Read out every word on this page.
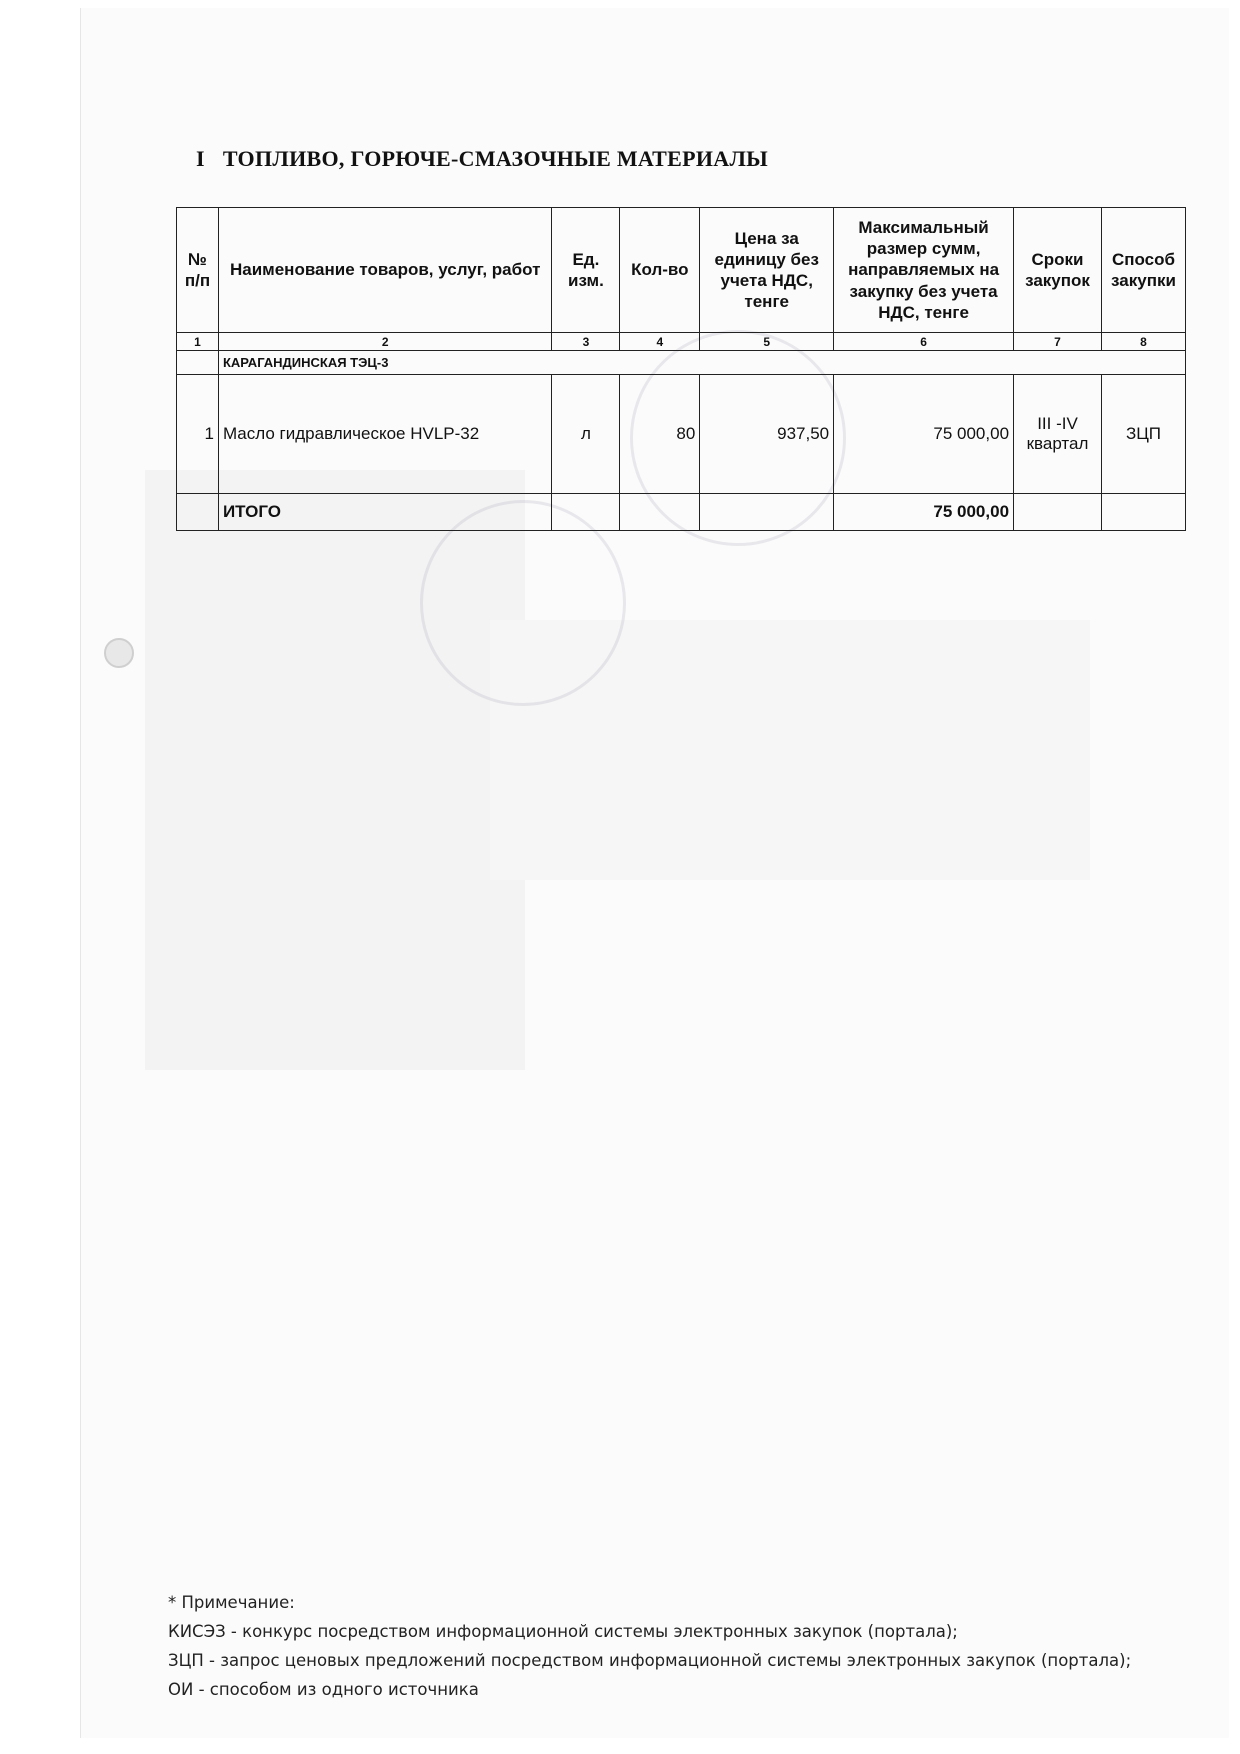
I ТОПЛИВО, ГОРЮЧЕ-СМАЗОЧНЫЕ МАТЕРИАЛЫ
№ п/п	Наименование товаров, услуг, работ	Ед. изм.	Кол-во	Цена за единицу без учета НДС, тенге	Максимальный размер сумм, направляемых на закупку без учета НДС, тенге	Сроки закупок	Способ закупки
1	2	3	4	5	6	7	8
	КАРАГАНДИНСКАЯ ТЭЦ-3						
1	Масло гидравлическое HVLP-32	л	80	937,50	75 000,00	III -IV квартал	ЗЦП
	ИТОГО				75 000,00		

* Примечание:

КИСЭЗ - конкурс посредством информационной системы электронных закупок (портала);

ЗЦП - запрос ценовых предложений посредством информационной системы электронных закупок (портала);

ОИ - способом из одного источника
